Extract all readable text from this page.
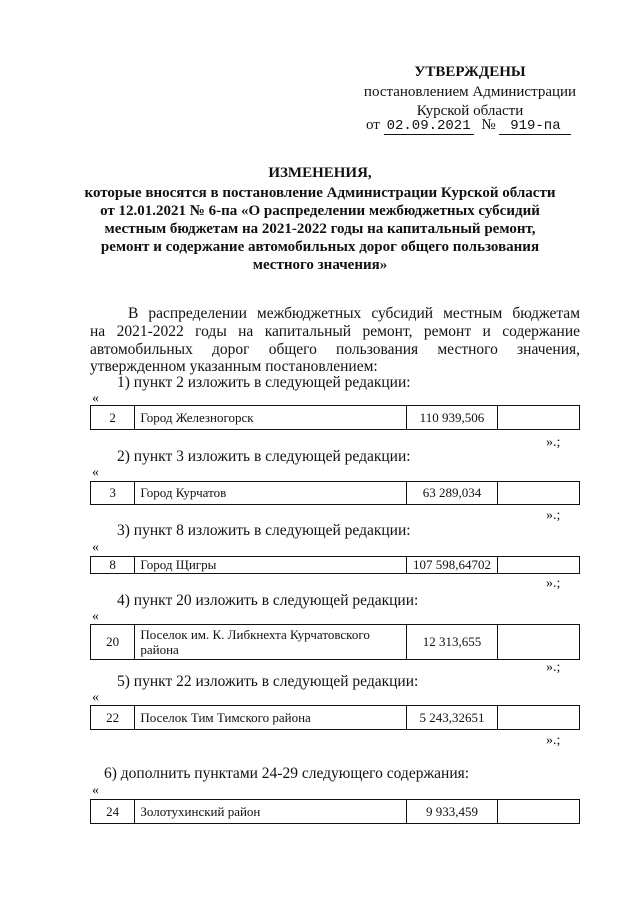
УТВЕРЖДЕНЫ
постановлением Администрации
Курской области
от 02.09.2021 № 919-па
ИЗМЕНЕНИЯ,
которые вносятся в постановление Администрации Курской области
от 12.01.2021 № 6-па «О распределении межбюджетных субсидий
местным бюджетам на 2021-2022 годы на капитальный ремонт,
ремонт и содержание автомобильных дорог общего пользования
местного значения»
В распределении межбюджетных субсидий местным бюджетам
на 2021-2022 годы на капитальный ремонт, ремонт и содержание
автомобильных дорог общего пользования местного значения,
утвержденном указанным постановлением:
1) пункт 2 изложить в следующей редакции:
«
2	Город Железногорск	110 939,506	
».;
2) пункт 3 изложить в следующей редакции:
«
3	Город Курчатов	63 289,034	
».;
3) пункт 8 изложить в следующей редакции:
«
8	Город Щигры	107 598,64702	
».;
4) пункт 20 изложить в следующей редакции:
«
20	Поселок им. К. Либкнехта Курчатовского района	12 313,655	
».;
5) пункт 22 изложить в следующей редакции:
«
22	Поселок Тим Тимского района	5 243,32651	
».;
6) дополнить пунктами 24-29 следующего содержания:
«
24	Золотухинский район	9 933,459	
